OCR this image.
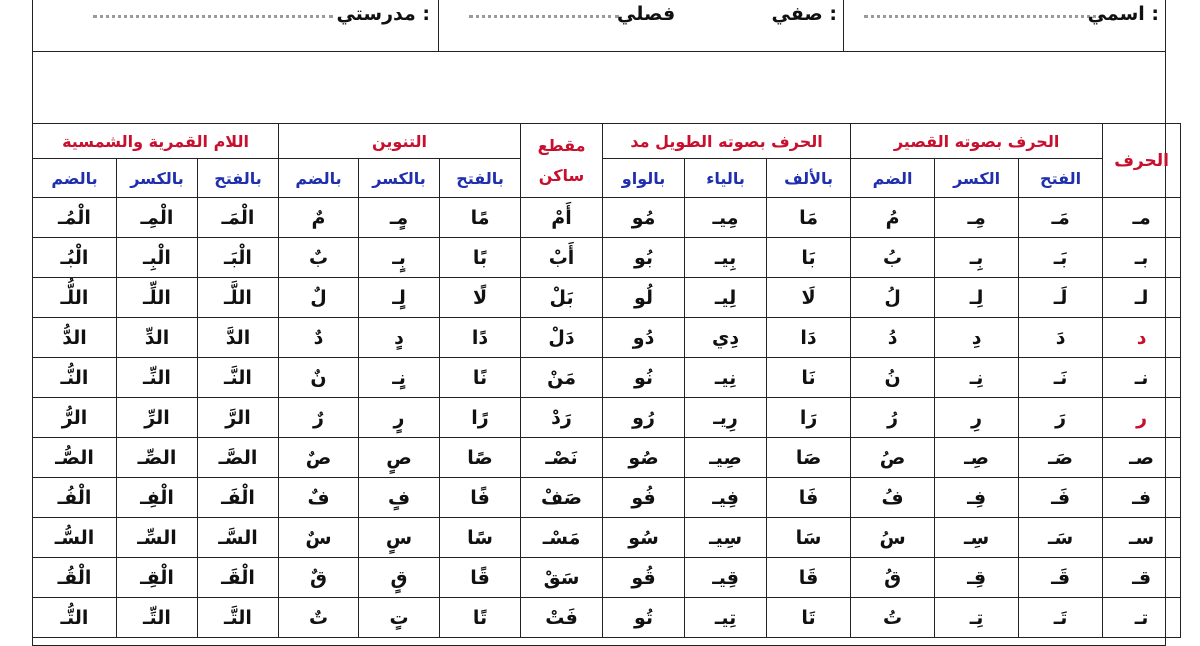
اسمي :
فصلي	صفي :
مدرستي :
الحرف	الحرف بصوته القصير			الحرف بصوته الطويل مد			مقطع ساكن	التنوين			اللام القمرية والشمسية		
	الفتح	الكسر	الضم	بالألف	بالياء	بالواو		بالفتح	بالكسر	بالضم	بالفتح	بالكسر	بالضم
مـ	مَـ	مِـ	مُ	مَا	مِيـ	مُو	أَمْ	مًا	مٍـ	مٌ	الْمَـ	الْمِـ	الْمُـ
بـ	بَـ	بِـ	بُ	بَا	بِيـ	بُو	أَبْ	بًا	بٍـ	بٌ	الْبَـ	الْبِـ	الْبُـ
لـ	لَـ	لِـ	لُ	لَا	لِيـ	لُو	بَلْ	لًا	لٍـ	لٌ	اللَّـ	اللِّـ	اللُّـ
د	دَ	دِ	دُ	دَا	دِي	دُو	دَلْ	دًا	دٍ	دٌ	الدَّ	الدِّ	الدُّ
نـ	نَـ	نِـ	نُ	نَا	نِيـ	نُو	مَنْ	نًا	نٍـ	نٌ	النَّـ	النِّـ	النُّـ
ر	رَ	رِ	رُ	رَا	رِيـ	رُو	رَدْ	رًا	رٍ	رٌ	الرَّ	الرِّ	الرُّ
صـ	صَـ	صِـ	صُ	صَا	صِيـ	صُو	نَصْـ	صًا	صٍ	صٌ	الصَّـ	الصِّـ	الصُّـ
فـ	فَـ	فِـ	فُ	فَا	فِيـ	فُو	صَفْ	فًا	فٍ	فٌ	الْفَـ	الْفِـ	الْفُـ
سـ	سَـ	سِـ	سُ	سَا	سِيـ	سُو	مَسْـ	سًا	سٍ	سٌ	السَّـ	السِّـ	السُّـ
قـ	قَـ	قِـ	قُ	قَا	قِيـ	قُو	سَقْ	قًا	قٍ	قٌ	الْقَـ	الْقِـ	الْقُـ
تـ	تَـ	تِـ	تُ	تَا	تِيـ	تُو	فَتْ	تًا	تٍ	تٌ	التَّـ	التِّـ	التُّـ
